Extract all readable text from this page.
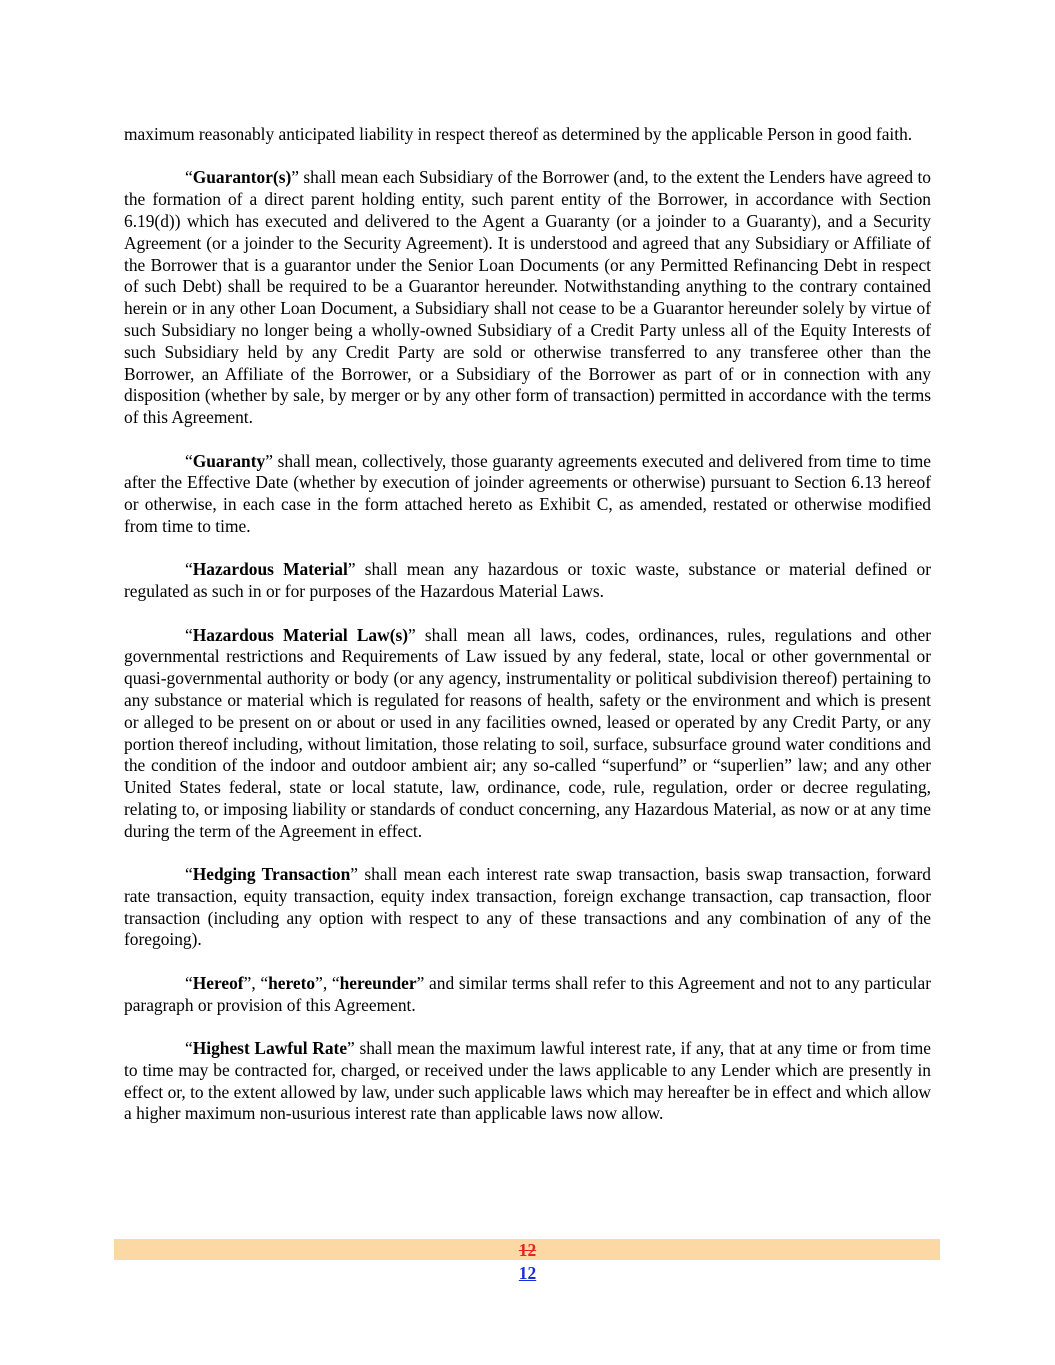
maximum reasonably anticipated liability in respect thereof as determined by the applicable Person in good faith.

“Guarantor(s)” shall mean each Subsidiary of the Borrower (and, to the extent the Lenders have agreed to the formation of a direct parent holding entity, such parent entity of the Borrower, in accordance with Section 6.19(d)) which has executed and delivered to the Agent a Guaranty (or a joinder to a Guaranty), and a Security Agreement (or a joinder to the Security Agreement). It is understood and agreed that any Subsidiary or Affiliate of the Borrower that is a guarantor under the Senior Loan Documents (or any Permitted Refinancing Debt in respect of such Debt) shall be required to be a Guarantor hereunder. Notwithstanding anything to the contrary contained herein or in any other Loan Document, a Subsidiary shall not cease to be a Guarantor hereunder solely by virtue of such Subsidiary no longer being a wholly-owned Subsidiary of a Credit Party unless all of the Equity Interests of such Subsidiary held by any Credit Party are sold or otherwise transferred to any transferee other than the Borrower, an Affiliate of the Borrower, or a Subsidiary of the Borrower as part of or in connection with any disposition (whether by sale, by merger or by any other form of transaction) permitted in accordance with the terms of this Agreement.

“Guaranty” shall mean, collectively, those guaranty agreements executed and delivered from time to time after the Effective Date (whether by execution of joinder agreements or otherwise) pursuant to Section 6.13 hereof or otherwise, in each case in the form attached hereto as Exhibit C, as amended, restated or otherwise modified from time to time.

“Hazardous Material” shall mean any hazardous or toxic waste, substance or material defined or regulated as such in or for purposes of the Hazardous Material Laws.

“Hazardous Material Law(s)” shall mean all laws, codes, ordinances, rules, regulations and other governmental restrictions and Requirements of Law issued by any federal, state, local or other governmental or quasi-governmental authority or body (or any agency, instrumentality or political subdivision thereof) pertaining to any substance or material which is regulated for reasons of health, safety or the environment and which is present or alleged to be present on or about or used in any facilities owned, leased or operated by any Credit Party, or any portion thereof including, without limitation, those relating to soil, surface, subsurface ground water conditions and the condition of the indoor and outdoor ambient air; any so-called “superfund” or “superlien” law; and any other United States federal, state or local statute, law, ordinance, code, rule, regulation, order or decree regulating, relating to, or imposing liability or standards of conduct concerning, any Hazardous Material, as now or at any time during the term of the Agreement in effect.

“Hedging Transaction” shall mean each interest rate swap transaction, basis swap transaction, forward rate transaction, equity transaction, equity index transaction, foreign exchange transaction, cap transaction, floor transaction (including any option with respect to any of these transactions and any combination of any of the foregoing).

“Hereof”, “hereto”, “hereunder” and similar terms shall refer to this Agreement and not to any particular paragraph or provision of this Agreement.

“Highest Lawful Rate” shall mean the maximum lawful interest rate, if any, that at any time or from time to time may be contracted for, charged, or received under the laws applicable to any Lender which are presently in effect or, to the extent allowed by law, under such applicable laws which may hereafter be in effect and which allow a higher maximum non-usurious interest rate than applicable laws now allow.

12
12
